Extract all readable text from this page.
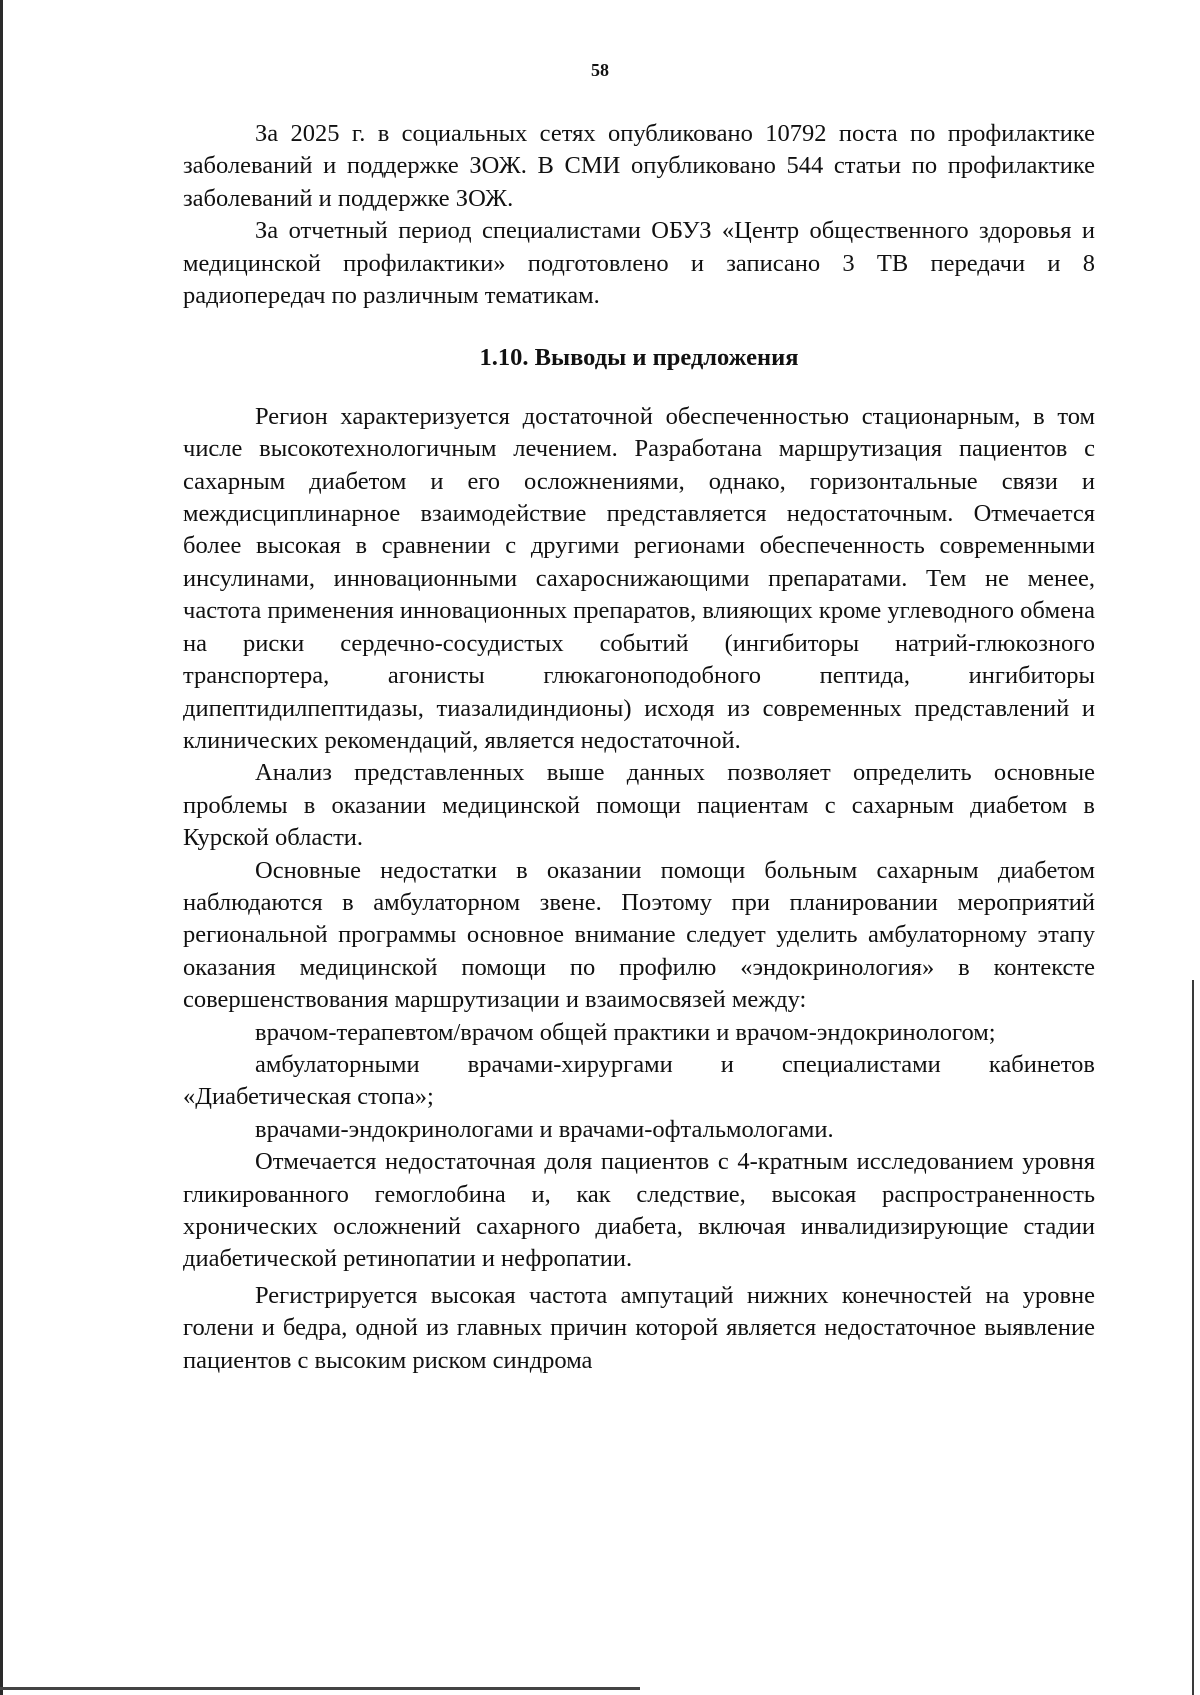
58

За 2025 г. в социальных сетях опубликовано 10792 поста по профилактике заболеваний и поддержке ЗОЖ. В СМИ опубликовано 544 статьи по профилактике заболеваний и поддержке ЗОЖ.

За отчетный период специалистами ОБУЗ «Центр общественного здоровья и медицинской профилактики» подготовлено и записано 3 ТВ передачи и 8 радиопередач по различным тематикам.

1.10. Выводы и предложения

Регион характеризуется достаточной обеспеченностью стационарным, в том числе высокотехнологичным лечением. Разработана маршрутизация пациентов с сахарным диабетом и его осложнениями, однако, горизонтальные связи и междисциплинарное взаимодействие представляется недостаточным. Отмечается более высокая в сравнении с другими регионами обеспеченность современными инсулинами, инновационными сахароснижающими препаратами. Тем не менее, частота применения инновационных препаратов, влияющих кроме углеводного обмена на риски сердечно-сосудистых событий (ингибиторы натрий-глюкозного транспортера, агонисты глюкагоноподобного пептида, ингибиторы дипептидилпептидазы, тиазалидиндионы) исходя из современных представлений и клинических рекомендаций, является недостаточной.

Анализ представленных выше данных позволяет определить основные проблемы в оказании медицинской помощи пациентам с сахарным диабетом в Курской области.

Основные недостатки в оказании помощи больным сахарным диабетом наблюдаются в амбулаторном звене. Поэтому при планировании мероприятий региональной программы основное внимание следует уделить амбулаторному этапу оказания медицинской помощи по профилю «эндокринология» в контексте совершенствования маршрутизации и взаимосвязей между:

врачом-терапевтом/врачом общей практики и врачом-эндокринологом;

амбулаторными врачами-хирургами и специалистами кабинетов «Диабетическая стопа»;

врачами-эндокринологами и врачами-офтальмологами.

Отмечается недостаточная доля пациентов с 4-кратным исследованием уровня гликированного гемоглобина и, как следствие, высокая распространенность хронических осложнений сахарного диабета, включая инвалидизирующие стадии диабетической ретинопатии и нефропатии.

Регистрируется высокая частота ампутаций нижних конечностей на уровне голени и бедра, одной из главных причин которой является недостаточное выявление пациентов с высоким риском синдрома
